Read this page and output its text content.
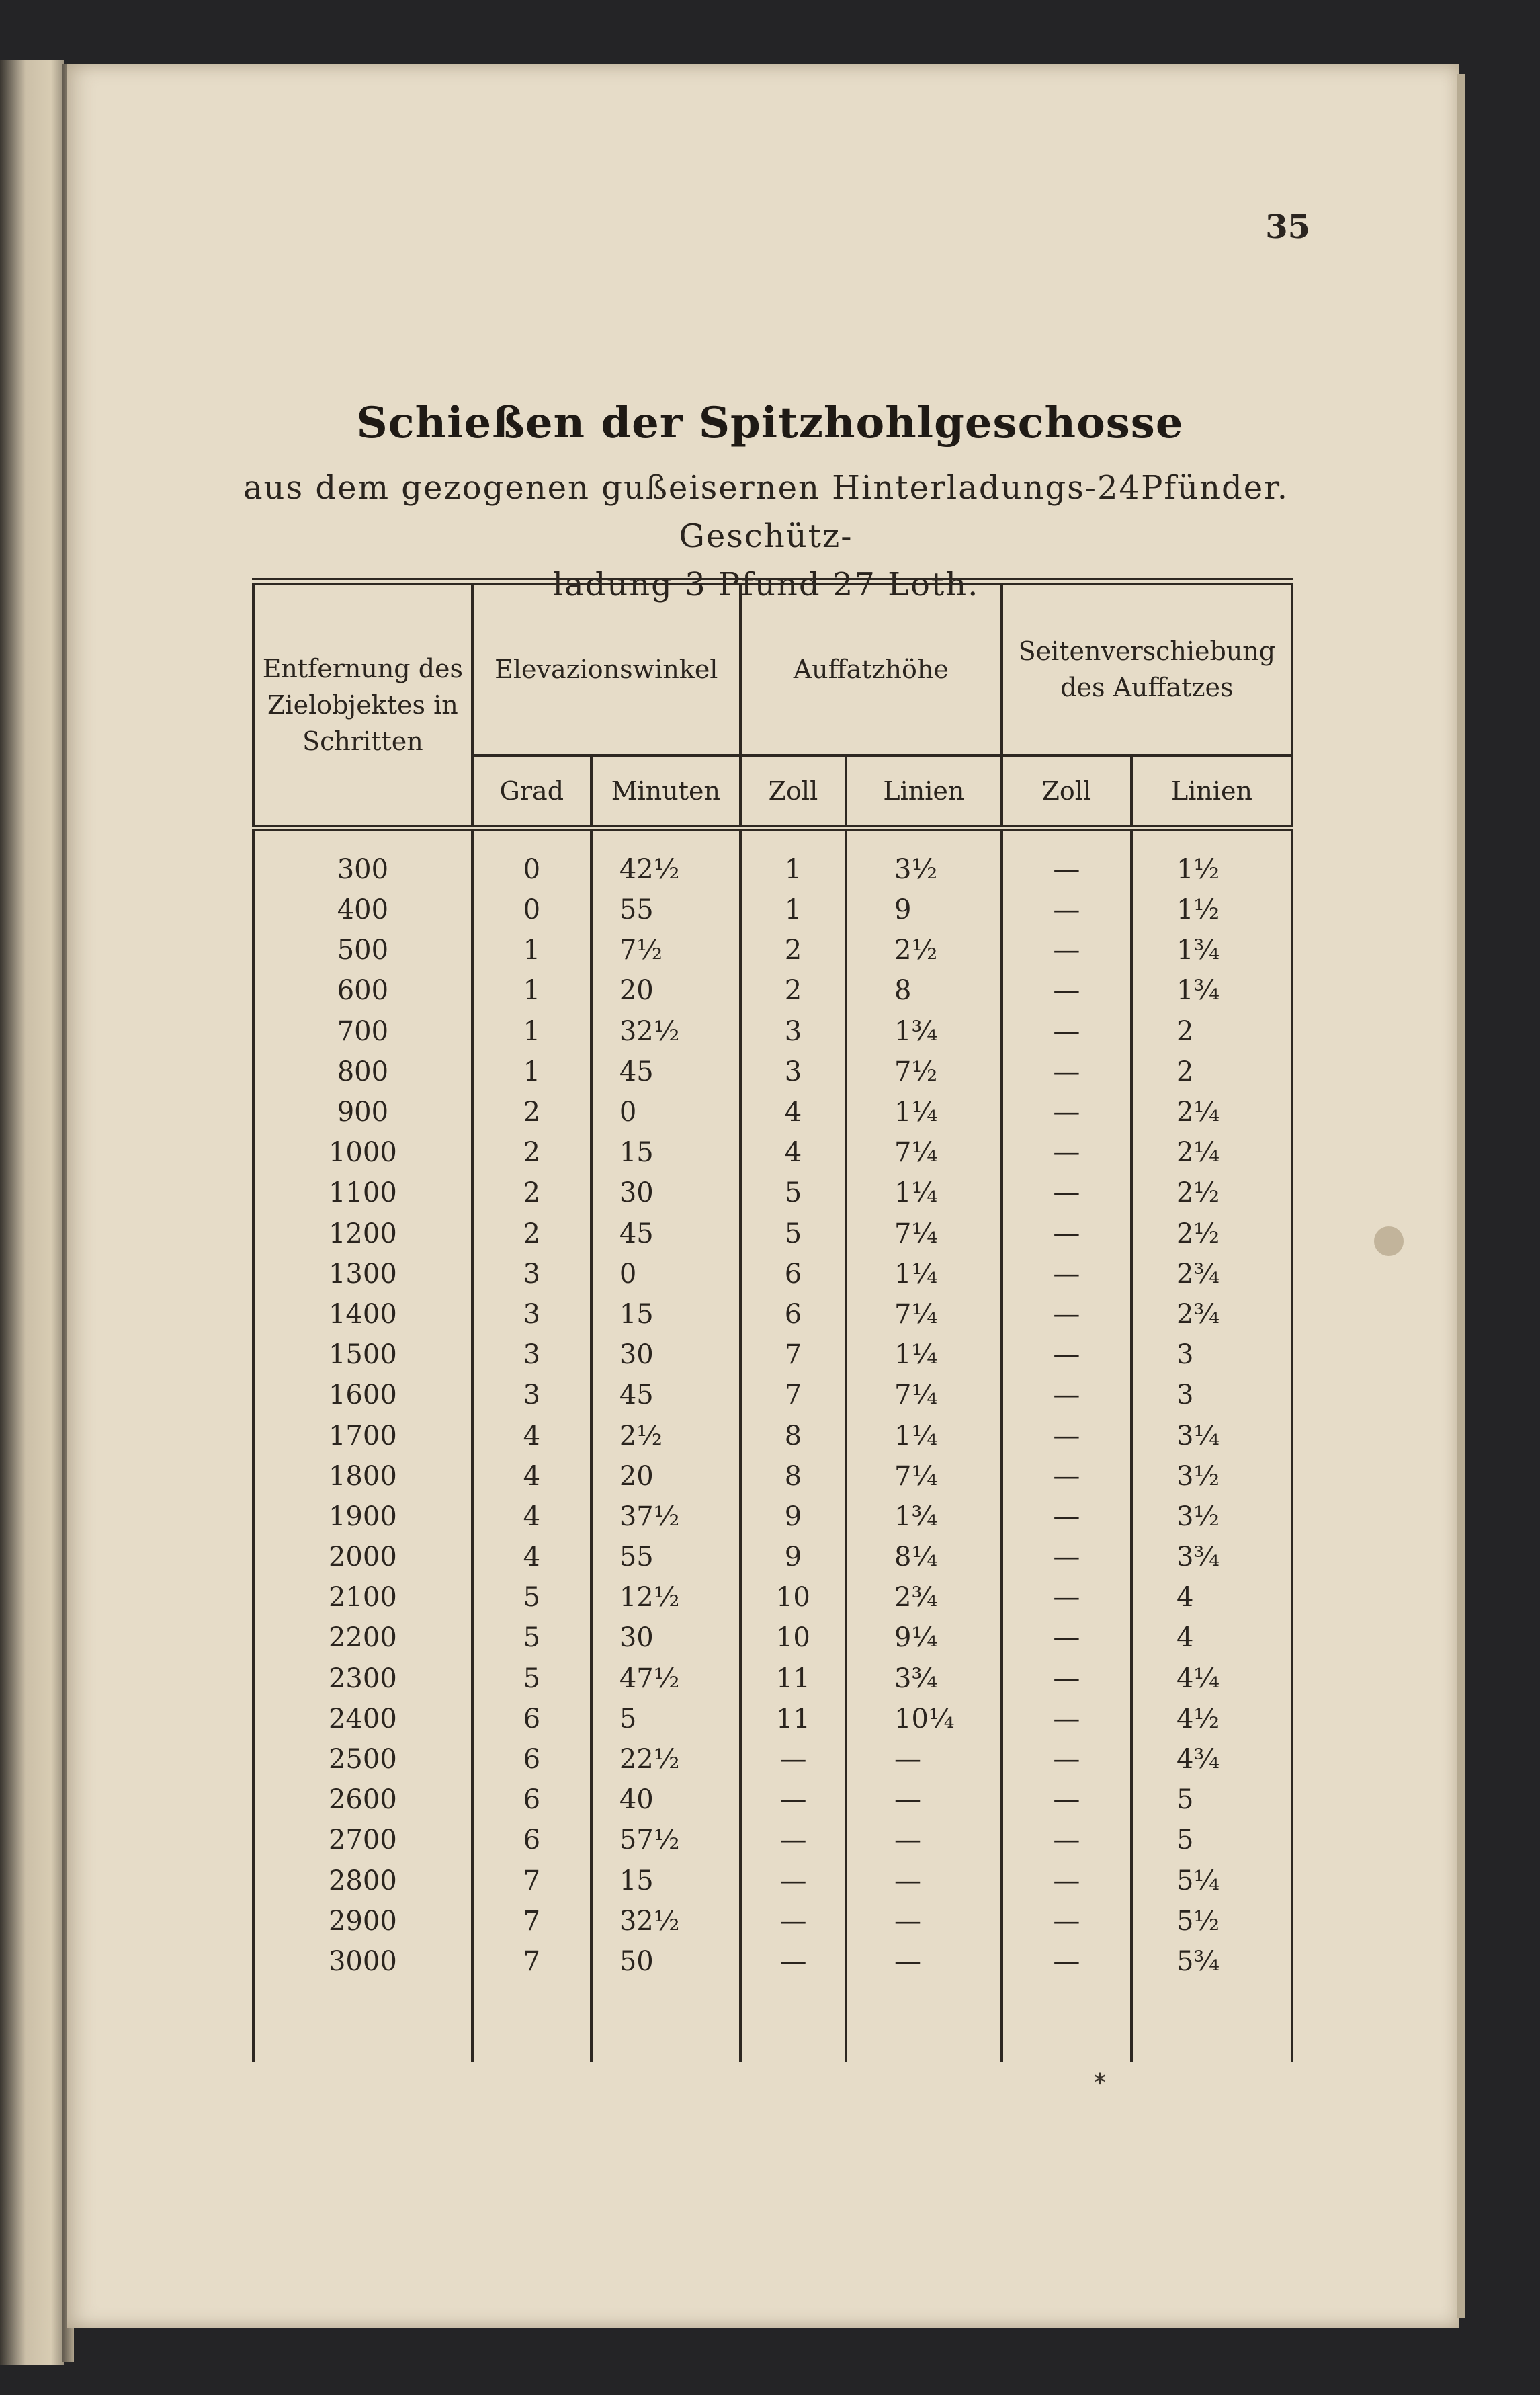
35
Schießen der Spitzhohlgeschosse
aus dem gezogenen gußeisernen Hinterladungs-24Pfünder. Geschütz-
ladung 3 Pfund 27 Loth.
Entfernung des Zielobjektes in Schritten	Elevazionswinkel		Auffatzhöhe		Seitenverschiebung des Auffatzes	
	Grad	Minuten	Zoll	Linien	Zoll	Linien
300	0	42½	1	3½	—	1½
400	0	55	1	9	—	1½
500	1	7½	2	2½	—	1¾
600	1	20	2	8	—	1¾
700	1	32½	3	1¾	—	2
800	1	45	3	7½	—	2
900	2	0	4	1¼	—	2¼
1000	2	15	4	7¼	—	2¼
1100	2	30	5	1¼	—	2½
1200	2	45	5	7¼	—	2½
1300	3	0	6	1¼	—	2¾
1400	3	15	6	7¼	—	2¾
1500	3	30	7	1¼	—	3
1600	3	45	7	7¼	—	3
1700	4	2½	8	1¼	—	3¼
1800	4	20	8	7¼	—	3½
1900	4	37½	9	1¾	—	3½
2000	4	55	9	8¼	—	3¾
2100	5	12½	10	2¾	—	4
2200	5	30	10	9¼	—	4
2300	5	47½	11	3¾	—	4¼
2400	6	5	11	10¼	—	4½
2500	6	22½	—	—	—	4¾
2600	6	40	—	—	—	5
2700	6	57½	—	—	—	5
2800	7	15	—	—	—	5¼
2900	7	32½	—	—	—	5½
3000	7	50	—	—	—	5¾

*
